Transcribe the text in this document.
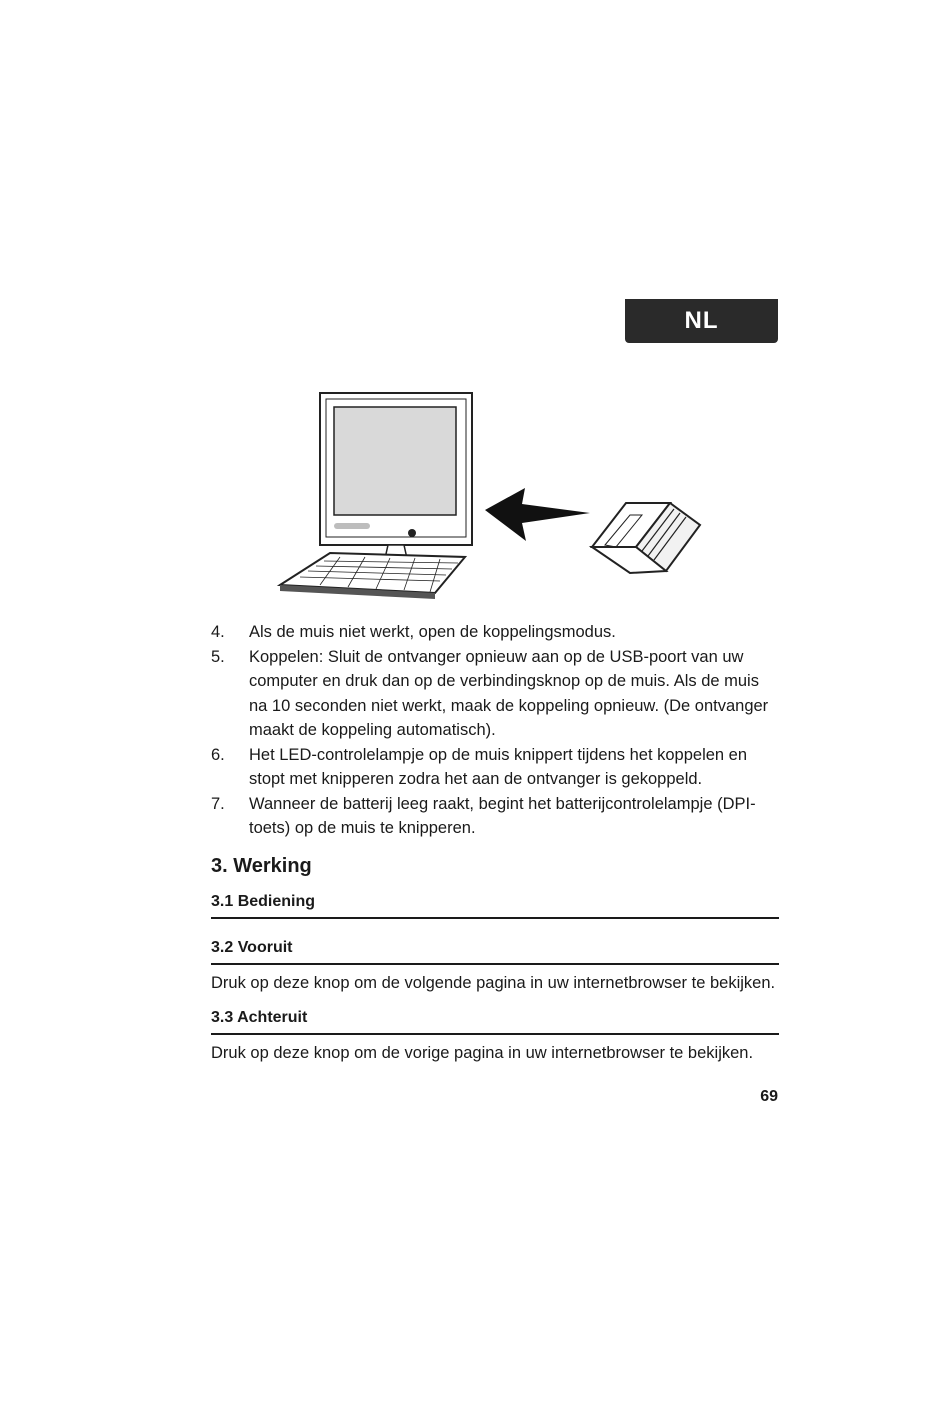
NL
4. Als de muis niet werkt, open de koppelingsmodus.
5. Koppelen: Sluit de ontvanger opnieuw aan op de USB-poort van uw computer en druk dan op de verbindingsknop op de muis. Als de muis na 10 seconden niet werkt, maak de koppeling opnieuw. (De ontvanger maakt de koppeling automatisch).
6. Het LED-controlelampje op de muis knippert tijdens het koppelen en stopt met knipperen zodra het aan de ontvanger is gekoppeld.
7. Wanneer de batterij leeg raakt, begint het batterijcontrolelampje (DPI-toets) op de muis te knipperen.
3. Werking
3.1 Bediening
3.2 Vooruit

Druk op deze knop om de volgende pagina in uw internetbrowser te bekijken.

3.3 Achteruit

Druk op deze knop om de vorige pagina in uw internetbrowser te bekijken.

69
